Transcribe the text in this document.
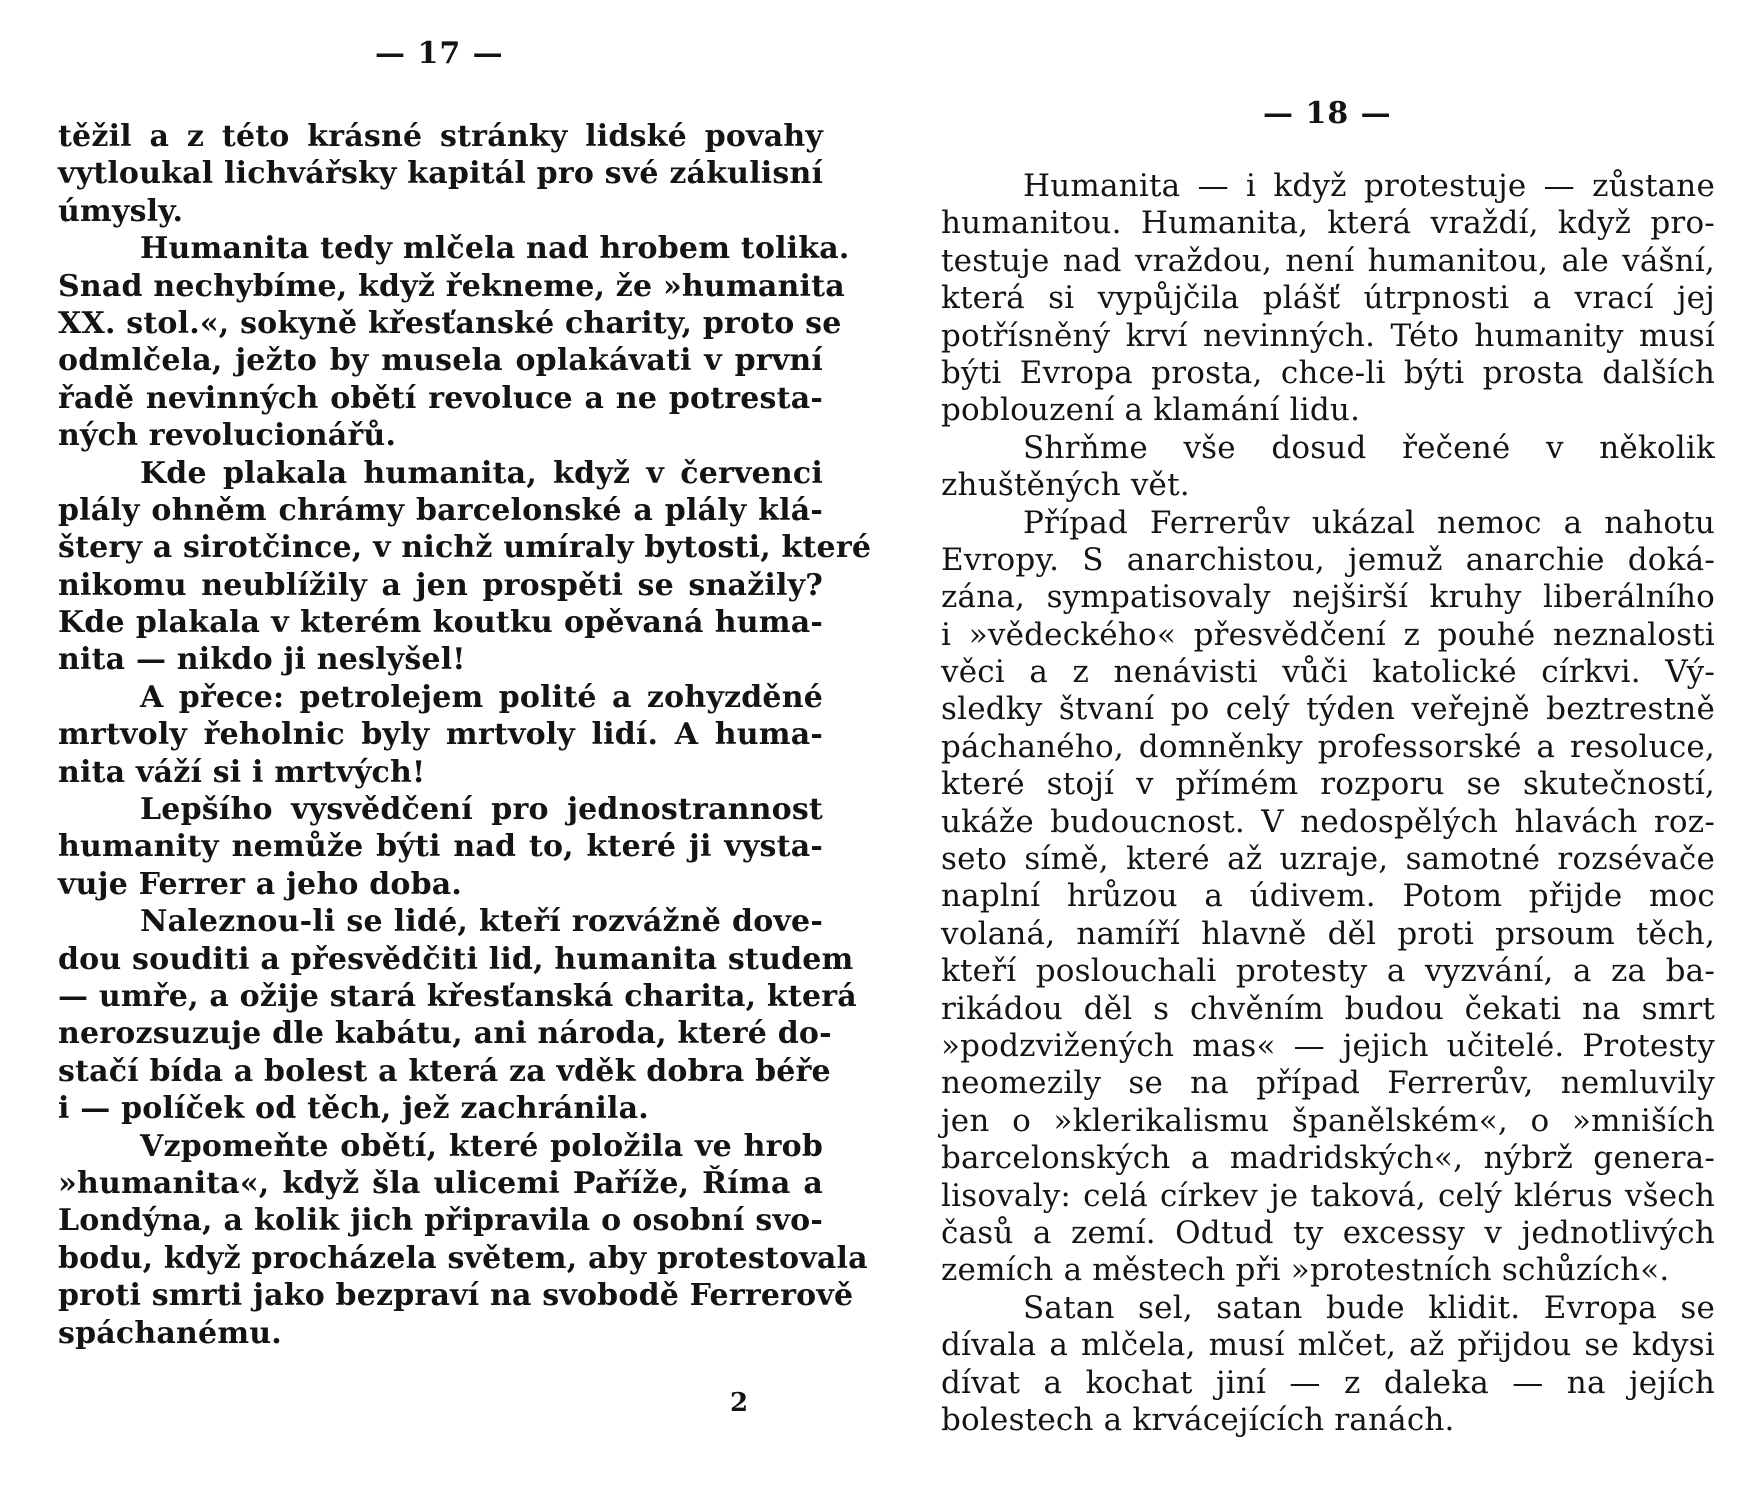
— 17 —
těžil a z této krásné stránky lidské povahy
vytloukal lichvářsky kapitál pro své zákulisní
úmysly.
Humanita tedy mlčela nad hrobem tolika.
Snad nechybíme, když řekneme, že »humanita
XX. stol.«, sokyně křesťanské charity, proto se
odmlčela, ježto by musela oplakávati v první
řadě nevinných obětí revoluce a ne potresta-
ných revolucionářů.
Kde plakala humanita, když v červenci
plály ohněm chrámy barcelonské a plály klá-
štery a sirotčince, v nichž umíraly bytosti, které
nikomu neublížily a jen prospěti se snažily?
Kde plakala v kterém koutku opěvaná huma-
nita — nikdo ji neslyšel!
A přece: petrolejem polité a zohyzděné
mrtvoly řeholnic byly mrtvoly lidí. A huma-
nita váží si i mrtvých!
Lepšího vysvědčení pro jednostrannost
humanity nemůže býti nad to, které ji vysta-
vuje Ferrer a jeho doba.
Naleznou-li se lidé, kteří rozvážně dove-
dou souditi a přesvědčiti lid, humanita studem
— umře, a ožije stará křesťanská charita, která
nerozsuzuje dle kabátu, ani národa, které do-
stačí bída a bolest a která za vděk dobra béře
i — políček od těch, jež zachránila.
Vzpomeňte obětí, které položila ve hrob
»humanita«, když šla ulicemi Paříže, Říma a
Londýna, a kolik jich připravila o osobní svo-
bodu, když procházela světem, aby protestovala
proti smrti jako bezpraví na svobodě Ferrerově
spáchanému.
2
— 18 —
Humanita — i když protestuje — zůstane
humanitou. Humanita, která vraždí, když pro-
testuje nad vraždou, není humanitou, ale vášní,
která si vypůjčila plášť útrpnosti a vrací jej
potřísněný krví nevinných. Této humanity musí
býti Evropa prosta, chce-li býti prosta dalších
poblouzení a klamání lidu.
Shrňme vše dosud řečené v několik
zhuštěných vět.
Případ Ferrerův ukázal nemoc a nahotu
Evropy. S anarchistou, jemuž anarchie doká-
zána, sympatisovaly nejširší kruhy liberálního
i »vědeckého« přesvědčení z pouhé neznalosti
věci a z nenávisti vůči katolické církvi. Vý-
sledky štvaní po celý týden veřejně beztrestně
páchaného, domněnky professorské a resoluce,
které stojí v přímém rozporu se skutečností,
ukáže budoucnost. V nedospělých hlavách roz-
seto símě, které až uzraje, samotné rozsévače
naplní hrůzou a údivem. Potom přijde moc
volaná, namíří hlavně děl proti prsoum těch,
kteří poslouchali protesty a vyzvání, a za ba-
rikádou děl s chvěním budou čekati na smrt
»podzvižených mas« — jejich učitelé. Protesty
neomezily se na případ Ferrerův, nemluvily
jen o »klerikalismu španělském«, o »mniších
barcelonských a madridských«, nýbrž genera-
lisovaly: celá církev je taková, celý klérus všech
časů a zemí. Odtud ty excessy v jednotlivých
zemích a městech při »protestních schůzích«.
Satan sel, satan bude klidit. Evropa se
dívala a mlčela, musí mlčet, až přijdou se kdysi
dívat a kochat jiní — z daleka — na jejích
bolestech a krvácejících ranách.
